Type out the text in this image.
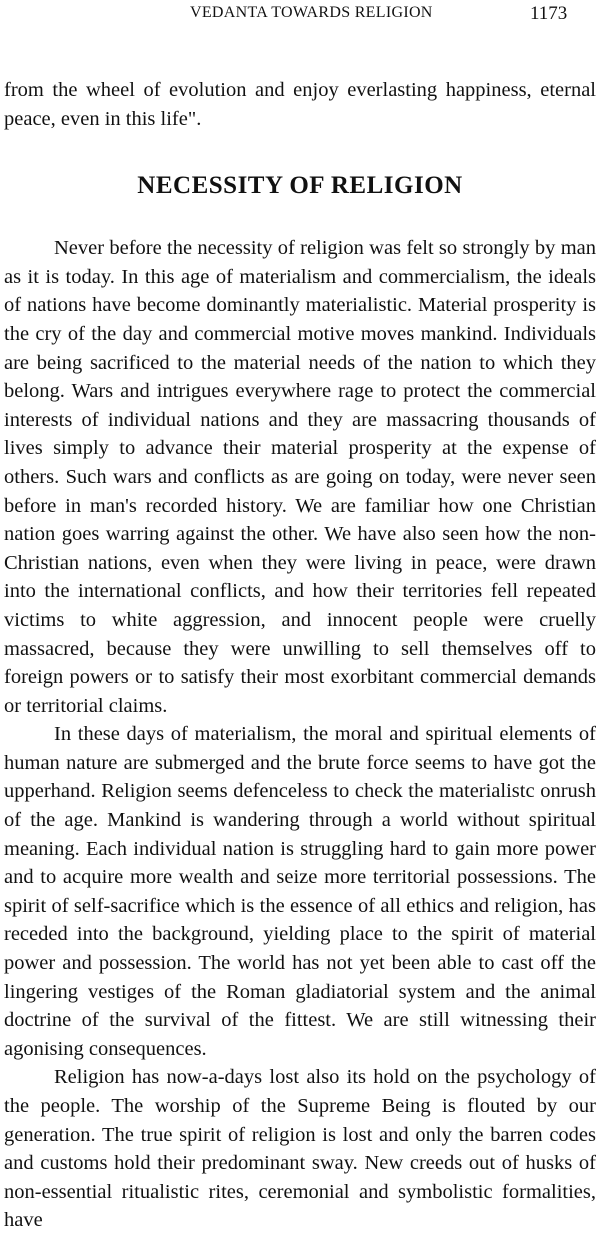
VEDANTA TOWARDS RELIGION	1173

from the wheel of evolution and enjoy everlasting happiness, eternal peace, even in this life".

NECESSITY OF RELIGION

Never before the necessity of religion was felt so strongly by man as it is today. In this age of materialism and commercialism, the ideals of nations have become dominantly materialistic. Material prosperity is the cry of the day and commercial motive moves mankind. Individuals are being sacrificed to the material needs of the nation to which they belong. Wars and intrigues everywhere rage to protect the commercial interests of individual nations and they are massacring thousands of lives simply to advance their material prosperity at the expense of others. Such wars and conflicts as are going on today, were never seen before in man's recorded history. We are familiar how one Christian nation goes warring against the other. We have also seen how the non-Christian nations, even when they were living in peace, were drawn into the international conflicts, and how their territories fell repeated victims to white aggression, and innocent people were cruelly massacred, because they were unwilling to sell themselves off to foreign powers or to satisfy their most exorbitant commercial demands or territorial claims.

In these days of materialism, the moral and spiritual elements of human nature are submerged and the brute force seems to have got the upperhand. Religion seems defenceless to check the materialistc onrush of the age. Mankind is wandering through a world without spiritual meaning. Each individual nation is struggling hard to gain more power and to acquire more wealth and seize more territorial possessions. The spirit of self-sacrifice which is the essence of all ethics and religion, has receded into the background, yielding place to the spirit of material power and possession. The world has not yet been able to cast off the lingering vestiges of the Roman gladiatorial system and the animal doctrine of the survival of the fittest. We are still witnessing their agonising consequences.

Religion has now-a-days lost also its hold on the psychology of the people. The worship of the Supreme Being is flouted by our generation. The true spirit of religion is lost and only the barren codes and customs hold their predominant sway. New creeds out of husks of non-essential ritualistic rites, ceremonial and symbolistic formalities, have
